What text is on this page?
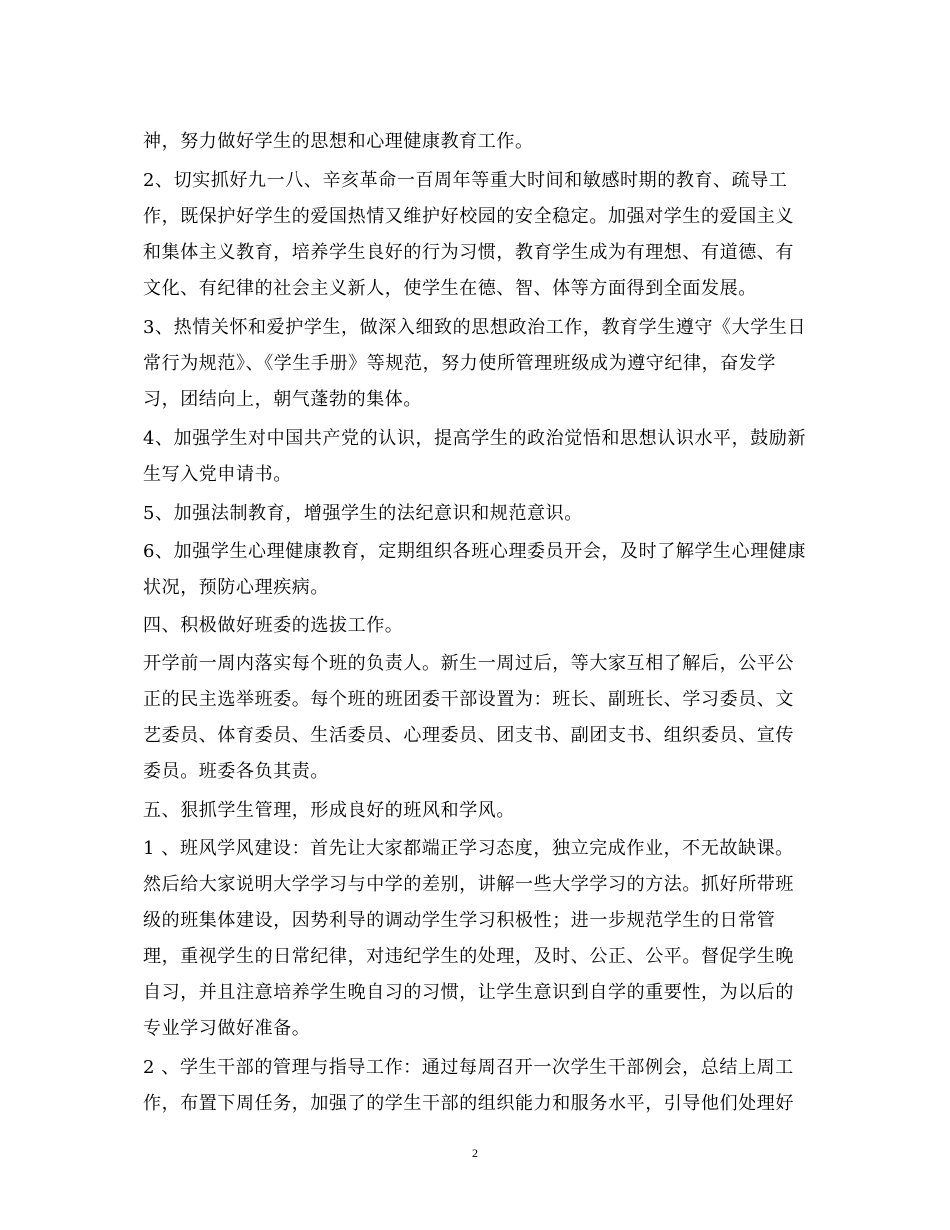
神，努力做好学生的思想和心理健康教育工作。
2、切实抓好九一八、辛亥革命一百周年等重大时间和敏感时期的教育、疏导工
作，既保护好学生的爱国热情又维护好校园的安全稳定。加强对学生的爱国主义
和集体主义教育，培养学生良好的行为习惯，教育学生成为有理想、有道德、有
文化、有纪律的社会主义新人，使学生在德、智、体等方面得到全面发展。
3、热情关怀和爱护学生，做深入细致的思想政治工作，教育学生遵守《大学生日
常行为规范》、《学生手册》等规范，努力使所管理班级成为遵守纪律，奋发学
习，团结向上，朝气蓬勃的集体。
4、加强学生对中国共产党的认识，提高学生的政治觉悟和思想认识水平，鼓励新
生写入党申请书。
5、加强法制教育，增强学生的法纪意识和规范意识。
6、加强学生心理健康教育，定期组织各班心理委员开会，及时了解学生心理健康
状况，预防心理疾病。
四、积极做好班委的选拔工作。
开学前一周内落实每个班的负责人。新生一周过后，等大家互相了解后，公平公
正的民主选举班委。每个班的班团委干部设置为：班长、副班长、学习委员、文
艺委员、体育委员、生活委员、心理委员、团支书、副团支书、组织委员、宣传
委员。班委各负其责。
五、狠抓学生管理，形成良好的班风和学风。
1 、班风学风建设：首先让大家都端正学习态度，独立完成作业，不无故缺课。
然后给大家说明大学学习与中学的差别，讲解一些大学学习的方法。抓好所带班
级的班集体建设，因势利导的调动学生学习积极性；进一步规范学生的日常管
理，重视学生的日常纪律，对违纪学生的处理，及时、公正、公平。督促学生晚
自习，并且注意培养学生晚自习的习惯，让学生意识到自学的重要性，为以后的
专业学习做好准备。
2 、学生干部的管理与指导工作：通过每周召开一次学生干部例会，总结上周工
作，布置下周任务，加强了的学生干部的组织能力和服务水平，引导他们处理好
2
